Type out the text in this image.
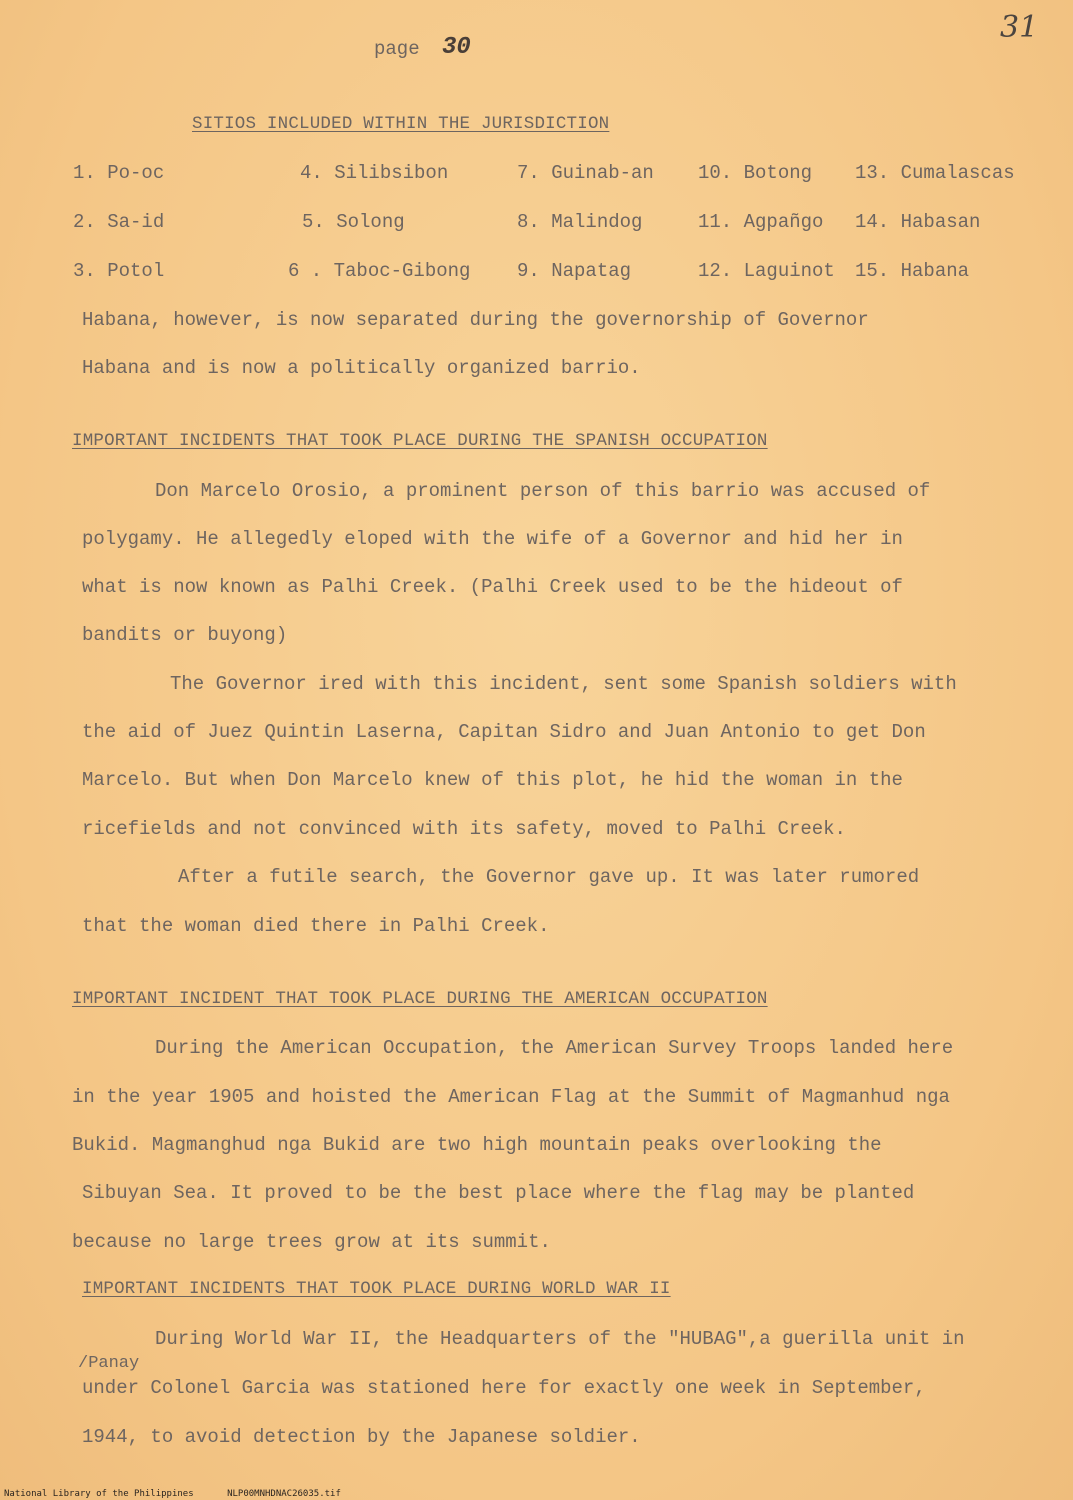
page 30
31
SITIOS INCLUDED WITHIN THE JURISDICTION
1. Po-oc	4. Silibsibon	7. Guinab-an 10. Botong 13. Cumalascas
2. Sa-id	5. Solong	8. Malindog	11. Agpañgo 14. Habasan
3. Potol	6 . Taboc-Gibong 9. Napatag	12. Laguinot 15. Habana
Habana, however, is now separated during the governorship of Governor
Habana and is now a politically organized barrio.
IMPORTANT INCIDENTS THAT TOOK PLACE DURING THE SPANISH OCCUPATION
Don Marcelo Orosio, a prominent person of this barrio was accused of
polygamy. He allegedly eloped with the wife of a Governor and hid her in
what is now known as Palhi Creek. (Palhi Creek used to be the hideout of
bandits or buyong)
The Governor ired with this incident, sent some Spanish soldiers with
the aid of Juez Quintin Laserna, Capitan Sidro and Juan Antonio to get Don
Marcelo. But when Don Marcelo knew of this plot, he hid the woman in the
ricefields and not convinced with its safety, moved to Palhi Creek.
After a futile search, the Governor gave up. It was later rumored
that the woman died there in Palhi Creek.
IMPORTANT INCIDENT THAT TOOK PLACE DURING THE AMERICAN OCCUPATION
During the American Occupation, the American Survey Troops landed here
in the year 1905 and hoisted the American Flag at the Summit of Magmanhud nga
Bukid. Magmanghud nga Bukid are two high mountain peaks overlooking the
Sibuyan Sea. It proved to be the best place where the flag may be planted
because no large trees grow at its summit.
IMPORTANT INCIDENTS THAT TOOK PLACE DURING WORLD WAR II
During World War II, the Headquarters of the "HUBAG",a guerilla unit in
/Panay
under Colonel Garcia was stationed here for exactly one week in September,
1944, to avoid detection by the Japanese soldier.
National Library of the Philippines	NLP00MNHDNAC26035.tif
